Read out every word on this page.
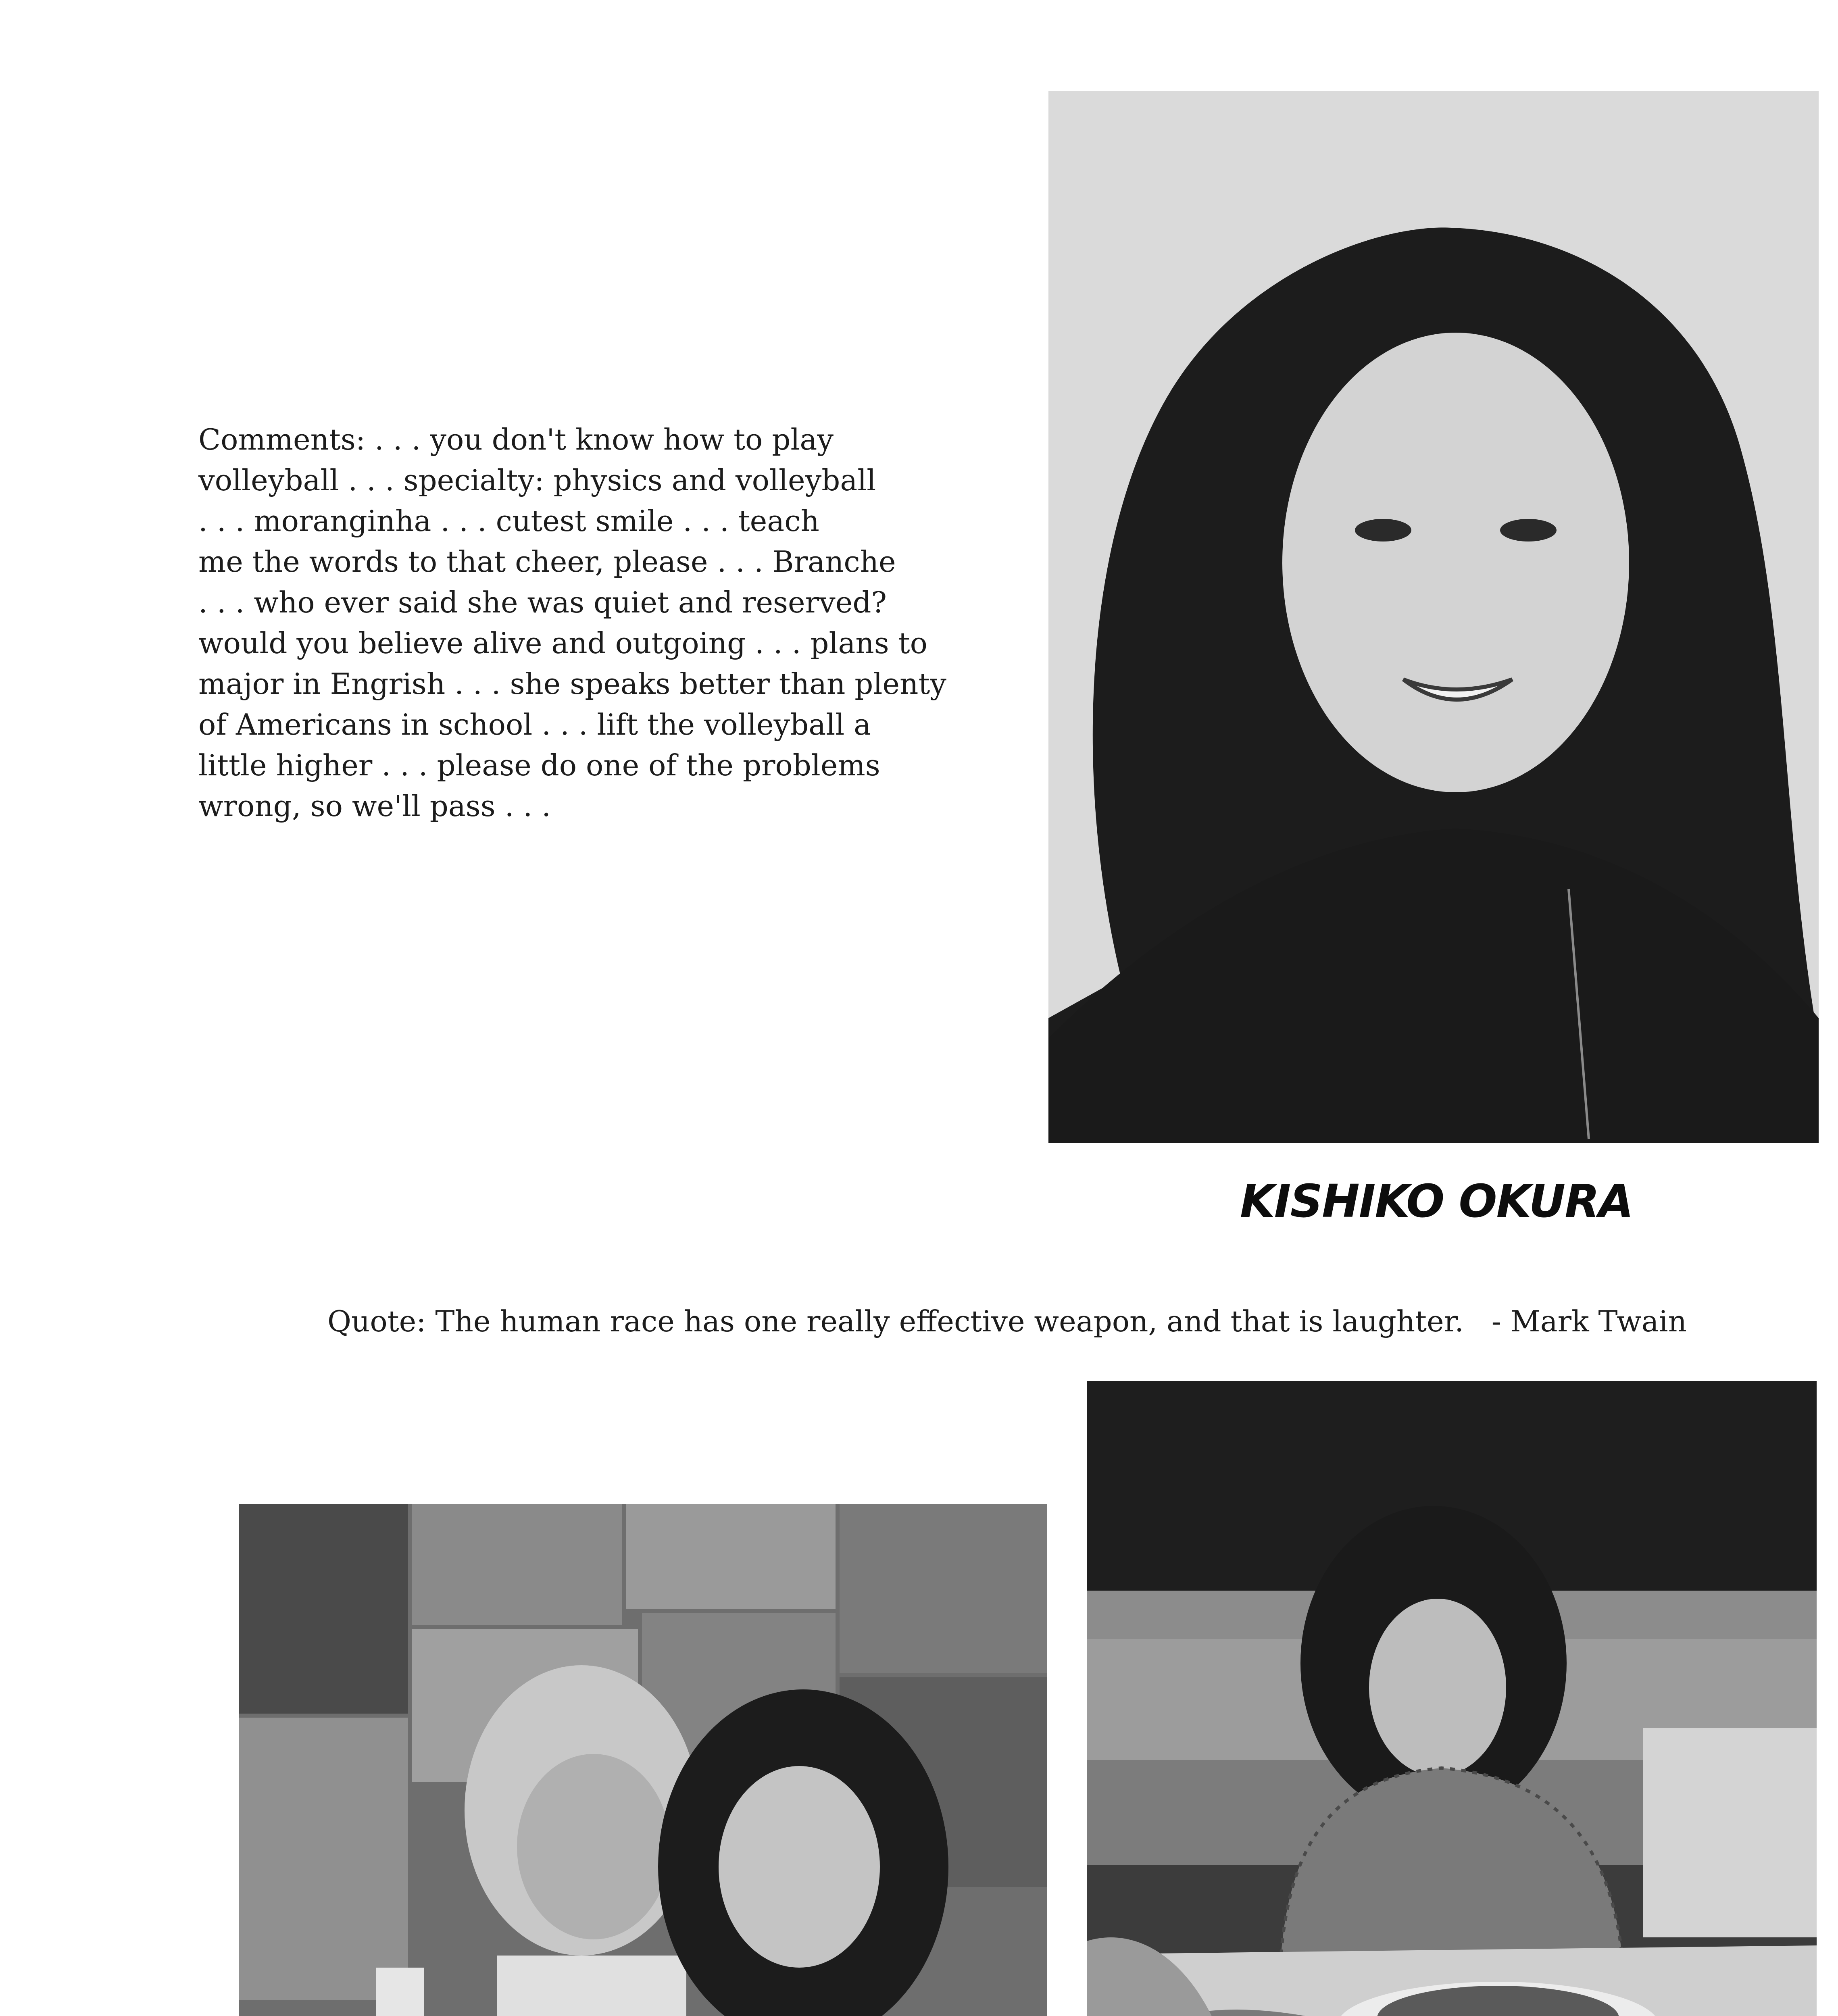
Comments: . . . you don't know how to play
volleyball . . . specialty: physics and volleyball
. . . moranginha . . . cutest smile . . . teach
me the words to that cheer, please . . . Branche
. . . who ever said she was quiet and reserved?
would you believe alive and outgoing . . . plans to
major in Engrish . . . she speaks better than plenty
of Americans in school . . . lift the volleyball a
little higher . . . please do one of the problems
wrong, so we'll pass . . .
KISHIKO OKURA
Quote: The human race has one really effective weapon, and that is laughter.   - Mark Twain
